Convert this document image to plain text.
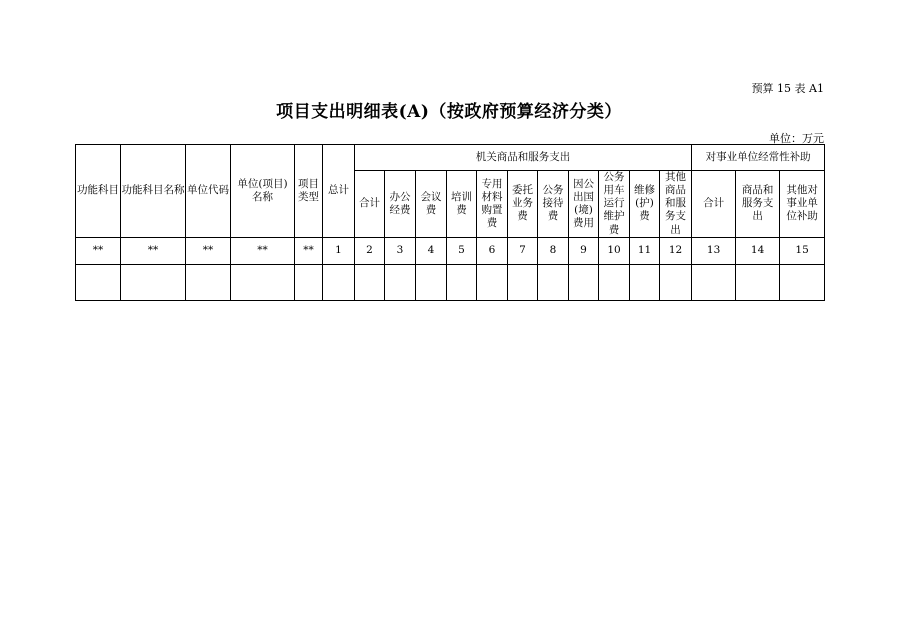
预算 15 表 A1
项目支出明细表(A)（按政府预算经济分类）
单位：万元
功能科目	功能科目名称	单位代码	单位(项目)名称	项目类型	总计	机关商品和服务支出											对事业单位经常性补助		
						合计	办公经费	会议费	培训费	专用材料购置费	委托业务费	公务接待费	因公出国(境)费用	公务用车运行维护费	维修(护)费	其他商品和服务支出	合计	商品和服务支出	其他对事业单位补助
**	**	**	**	**	1	2	3	4	5	6	7	8	9	10	11	12	13	14	15
